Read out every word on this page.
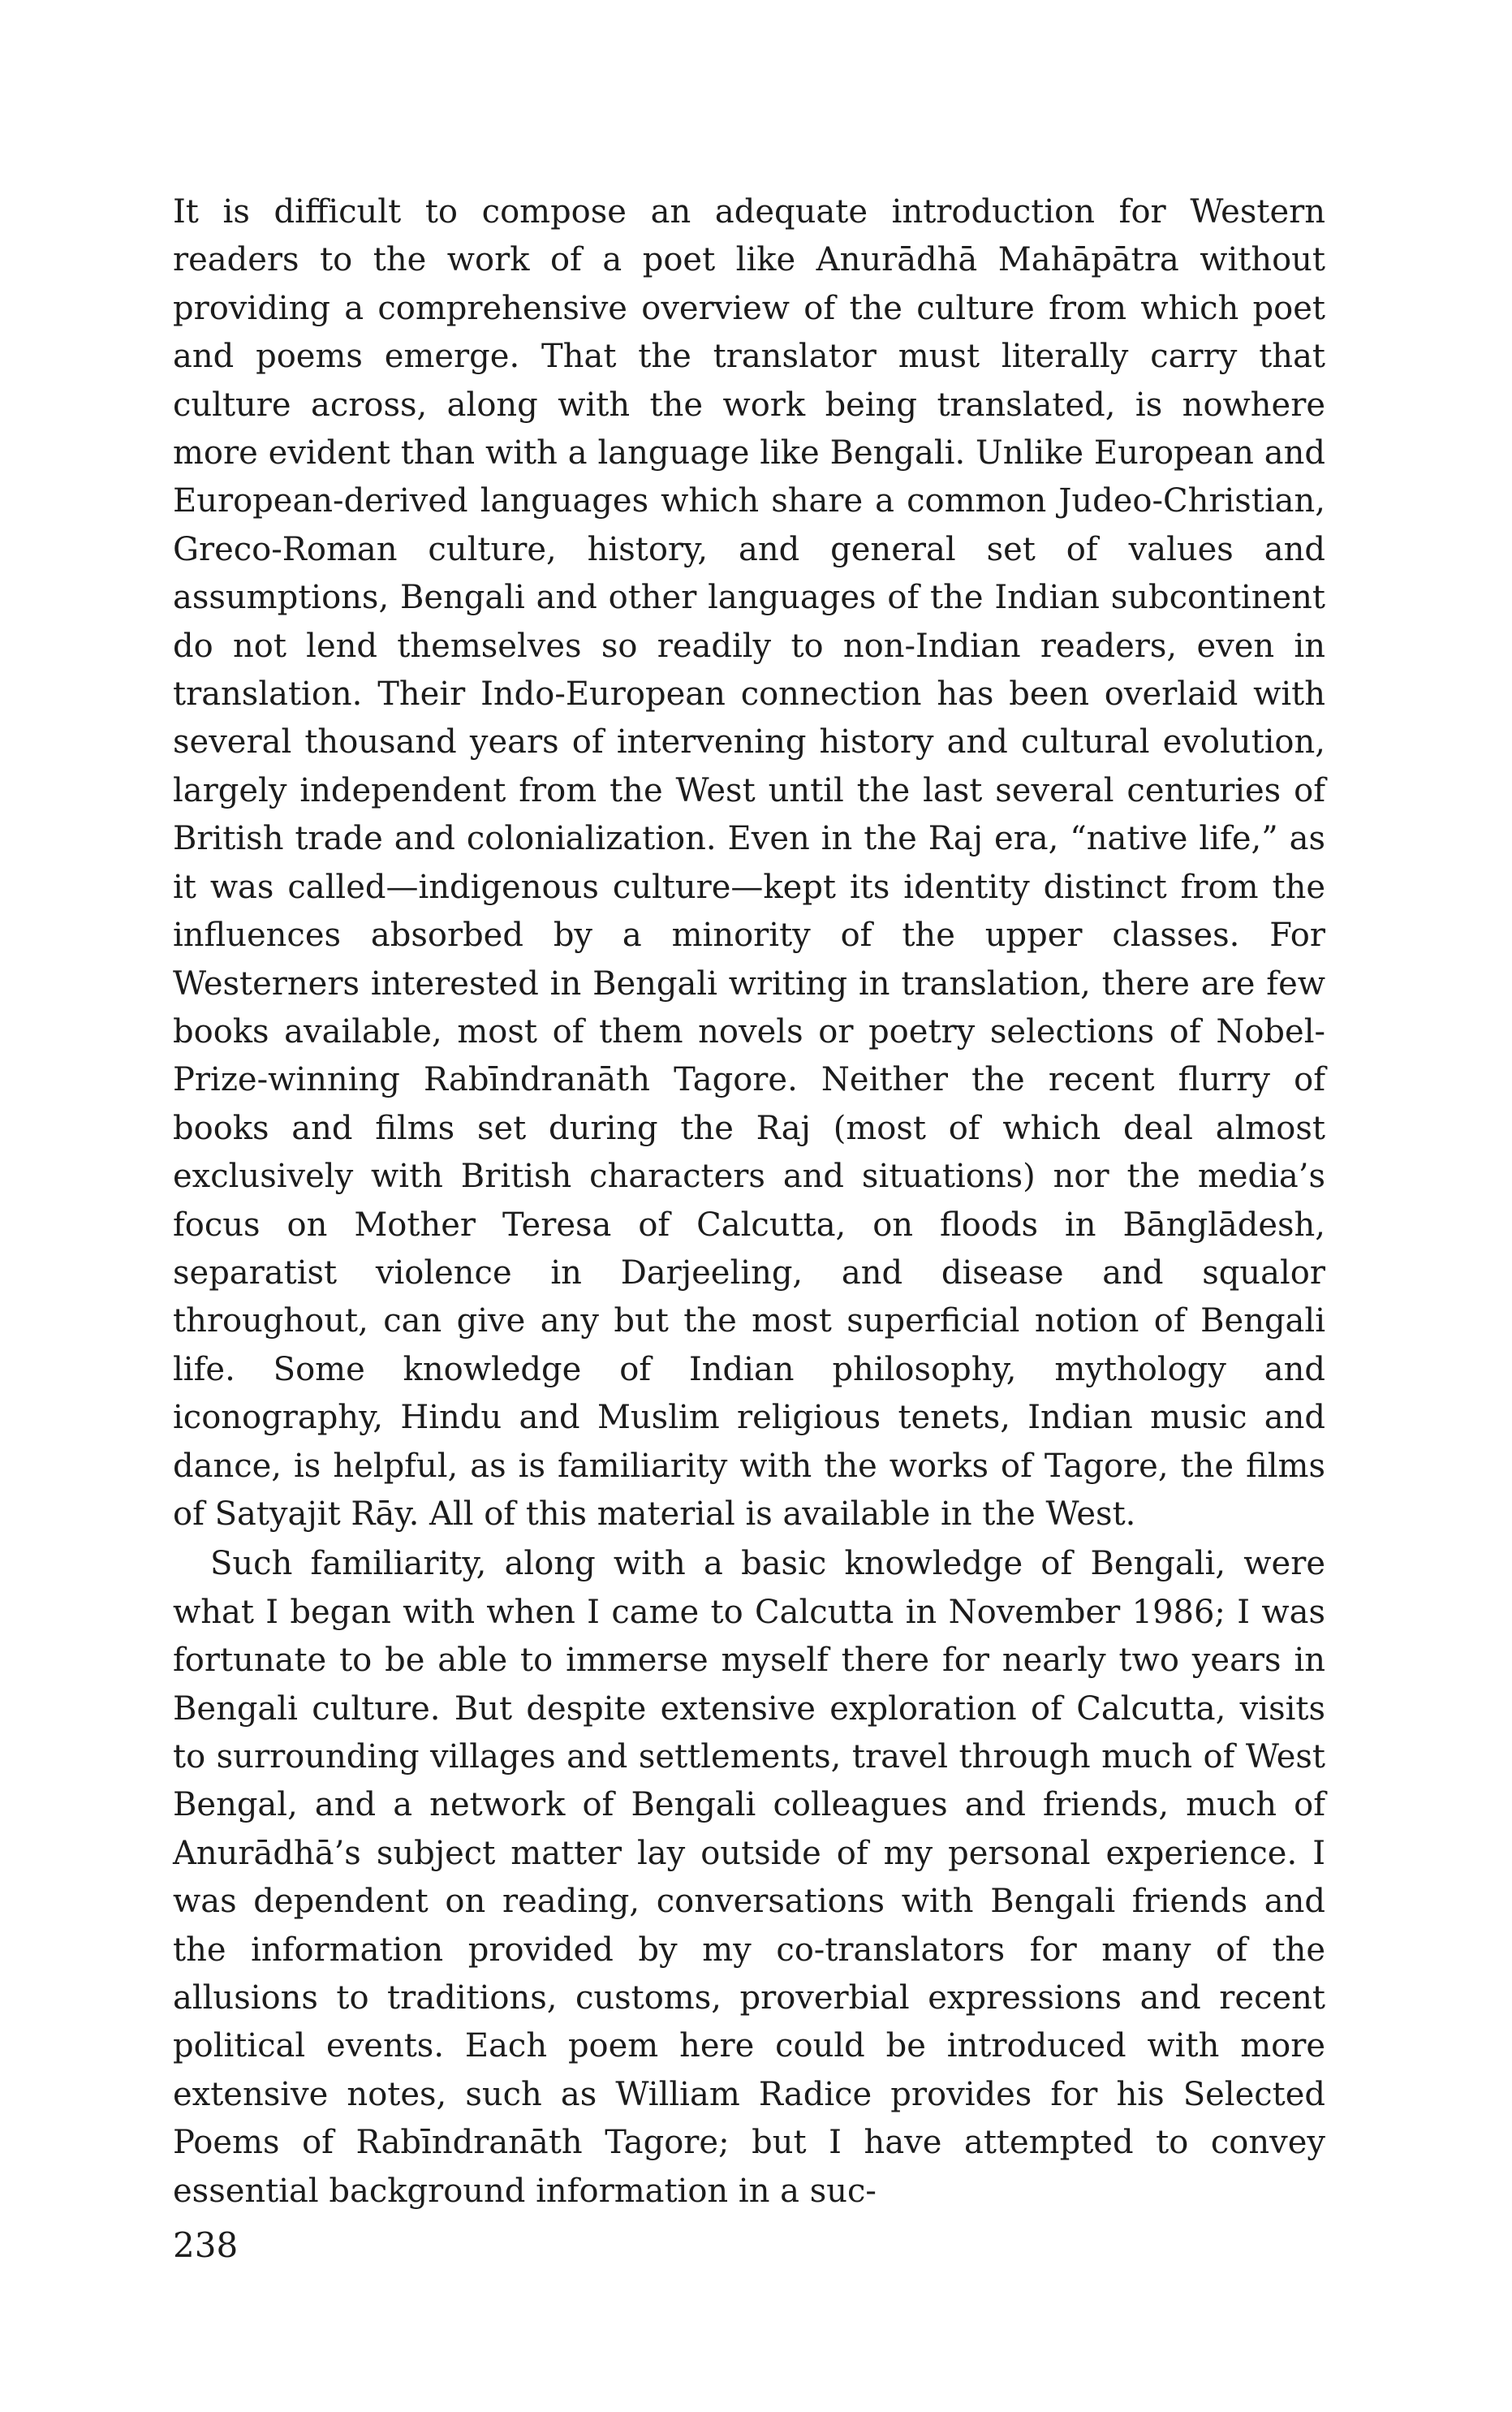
It is difficult to compose an adequate introduction for Western readers to the work of a poet like Anurādhā Mahāpātra without providing a comprehensive overview of the culture from which poet and poems emerge. That the translator must literally carry that culture across, along with the work being translated, is nowhere more evident than with a language like Bengali. Unlike European and European-derived languages which share a common Judeo-Christian, Greco-Roman culture, history, and general set of values and assumptions, Bengali and other languages of the Indian subcontinent do not lend themselves so readily to non-Indian readers, even in translation. Their Indo-European connection has been overlaid with several thousand years of intervening history and cultural evolution, largely independent from the West until the last several centuries of British trade and colonialization. Even in the Raj era, “native life,” as it was called—indigenous culture—kept its identity distinct from the influences absorbed by a minority of the upper classes. For Westerners interested in Bengali writing in translation, there are few books available, most of them novels or poetry selections of Nobel-Prize-winning Rabīndranāth Tagore. Neither the recent flurry of books and films set during the Raj (most of which deal almost exclusively with British characters and situations) nor the media’s focus on Mother Teresa of Calcutta, on floods in Bānglādesh, separatist violence in Darjeeling, and disease and squalor throughout, can give any but the most superficial notion of Bengali life. Some knowledge of Indian philosophy, mythology and iconography, Hindu and Muslim religious tenets, Indian music and dance, is helpful, as is familiarity with the works of Tagore, the films of Satyajit Rāy. All of this material is available in the West.

Such familiarity, along with a basic knowledge of Bengali, were what I began with when I came to Calcutta in November 1986; I was fortunate to be able to immerse myself there for nearly two years in Bengali culture. But despite extensive exploration of Calcutta, visits to surrounding villages and settlements, travel through much of West Bengal, and a network of Bengali colleagues and friends, much of Anurādhā’s subject matter lay outside of my personal experience. I was dependent on reading, conversations with Bengali friends and the information provided by my co-translators for many of the allusions to traditions, customs, proverbial expressions and recent political events. Each poem here could be introduced with more extensive notes, such as William Radice provides for his Selected Poems of Rabīndranāth Tagore; but I have attempted to convey essential background information in a suc-

238
